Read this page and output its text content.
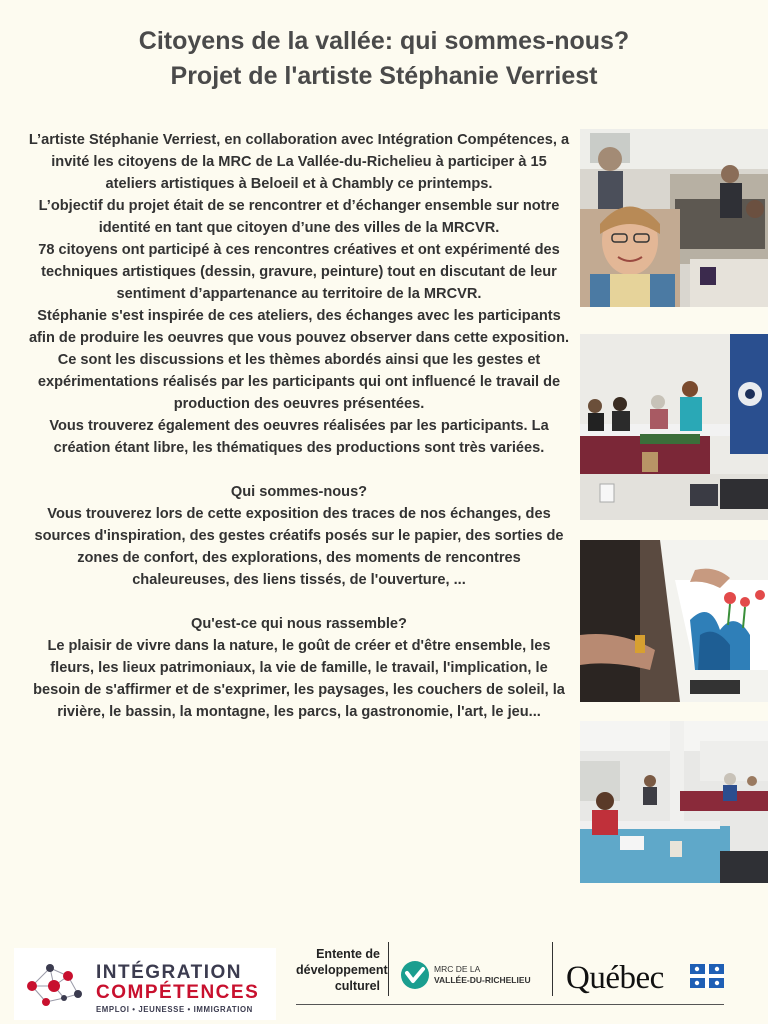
Citoyens de la vallée: qui sommes-nous?
Projet de l'artiste Stéphanie Verriest

L’artiste Stéphanie Verriest, en collaboration avec Intégration Compétences, a invité les citoyens de la MRC de La Vallée-du-Richelieu à participer à 15 ateliers artistiques à Beloeil et à Chambly ce printemps.

L’objectif du projet était de se rencontrer et d’échanger ensemble sur notre identité en tant que citoyen d’une des villes de la MRCVR.

78 citoyens ont participé à ces rencontres créatives et ont expérimenté des techniques artistiques (dessin, gravure, peinture) tout en discutant de leur sentiment d’appartenance au territoire de la MRCVR.

Stéphanie s'est inspirée de ces ateliers, des échanges avec les participants afin de produire les oeuvres que vous pouvez observer dans cette exposition. Ce sont les discussions et les thèmes abordés ainsi que les gestes et expérimentations réalisés par les participants qui ont influencé le travail de production des oeuvres présentées.

Vous trouverez également des oeuvres réalisées par les participants. La création étant libre, les thématiques des productions sont très variées.

Qui sommes-nous?

Vous trouverez lors de cette exposition des traces de nos échanges, des sources d'inspiration, des gestes créatifs posés sur le papier, des sorties de zones de confort, des explorations, des moments de rencontres chaleureuses, des liens tissés, de l'ouverture, ...

Qu'est-ce qui nous rassemble?

Le plaisir de vivre dans la nature, le goût de créer et d'être ensemble, les fleurs, les lieux patrimoniaux, la vie de famille, le travail, l'implication, le besoin de s'affirmer et de s'exprimer, les paysages, les couchers de soleil, la rivière, le bassin, la montagne, les parcs, la gastronomie, l'art, le jeu...

INTÉGRATION
COMPÉTENCES
EMPLOI • JEUNESSE • IMMIGRATION
Entente de
développement
culturel
MRC DE LA
VALLÉE-DU-RICHELIEU Québec
